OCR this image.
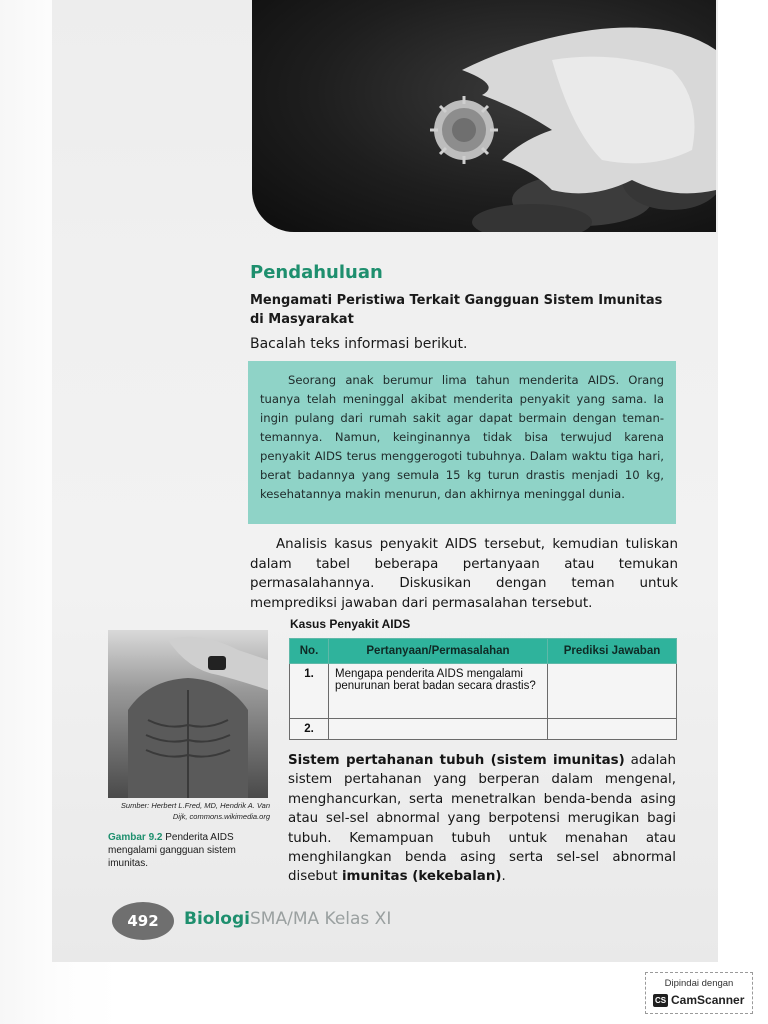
Pendahuluan
Mengamati Peristiwa Terkait Gangguan Sistem Imunitas di Masyarakat
Bacalah teks informasi berikut.
Seorang anak berumur lima tahun menderita AIDS. Orang tuanya telah meninggal akibat menderita penyakit yang sama. Ia ingin pulang dari rumah sakit agar dapat bermain dengan teman-temannya. Namun, keinginannya tidak bisa terwujud karena penyakit AIDS terus menggerogoti tubuhnya. Dalam waktu tiga hari, berat badannya yang semula 15 kg turun drastis menjadi 10 kg, kesehatannya makin menurun, dan akhirnya meninggal dunia.
Analisis kasus penyakit AIDS tersebut, kemudian tuliskan dalam tabel beberapa pertanyaan atau temukan permasalahannya. Diskusikan dengan teman untuk memprediksi jawaban dari permasalahan tersebut.
Kasus Penyakit AIDS
No.	Pertanyaan/Permasalahan	Prediksi Jawaban
1.	Mengapa penderita AIDS mengalami penurunan berat badan secara drastis?	
2.		
Sumber: Herbert L.Fred, MD, Hendrik A. Van Dijk, commons.wikimedia.org
Gambar 9.2 Penderita AIDS mengalami gangguan sistem imunitas.
Sistem pertahanan tubuh (sistem imunitas) adalah sistem pertahanan yang berperan dalam mengenal, menghancurkan, serta menetralkan benda-benda asing atau sel-sel abnormal yang berpotensi merugikan bagi tubuh. Kemampuan tubuh untuk menahan atau menghilangkan benda asing serta sel-sel abnormal disebut imunitas (kekebalan).
492	Biologi SMA/MA Kelas XI
Dipindai dengan
CS CamScanner
